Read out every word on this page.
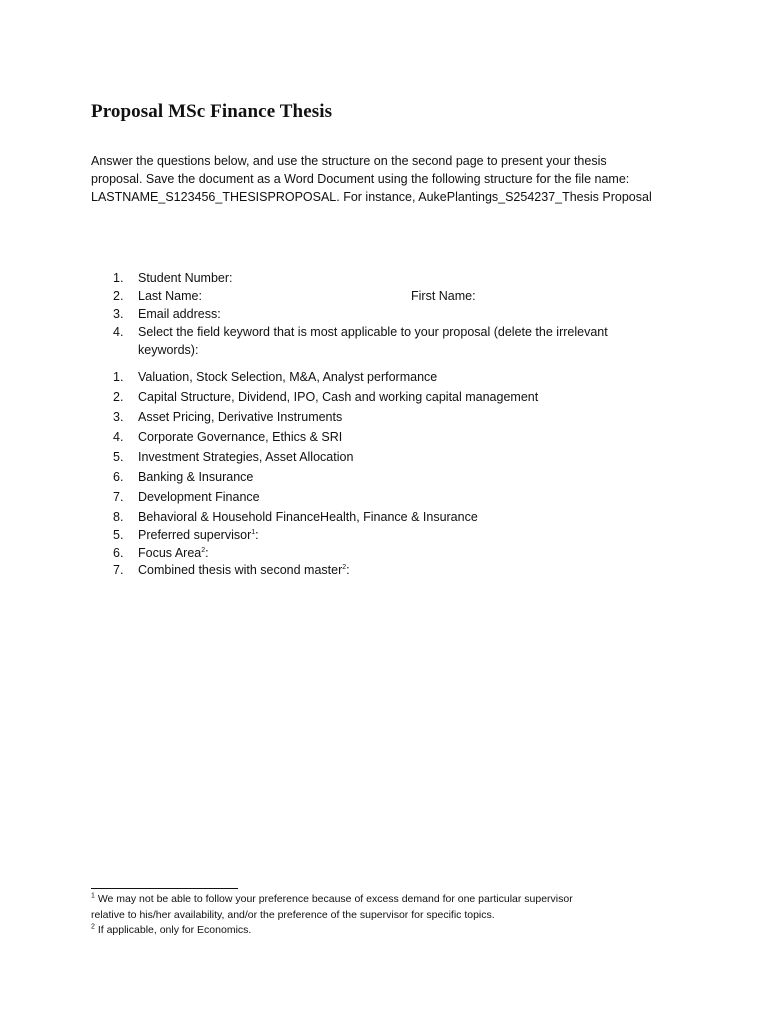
Proposal MSc Finance Thesis

Answer the questions below, and use the structure on the second page to present your thesis
proposal. Save the document as a Word Document using the following structure for the file name:
LASTNAME_S123456_THESISPROPOSAL. For instance, AukePlantings_S254237_Thesis Proposal

1. Student Number:
2. Last Name:	First Name:
3. Email address:
4. Select the field keyword that is most applicable to your proposal (delete the irrelevant keywords):
1. Valuation, Stock Selection, M&A, Analyst performance
2. Capital Structure, Dividend, IPO, Cash and working capital management
3. Asset Pricing, Derivative Instruments
4. Corporate Governance, Ethics & SRI
5. Investment Strategies, Asset Allocation
6. Banking & Insurance
7. Development Finance
8. Behavioral & Household FinanceHealth, Finance & Insurance
5. Preferred supervisor$^1$:
6. Focus Area$^2$:
7. Combined thesis with second master$^2$:
$^1$ We may not be able to follow your preference because of excess demand for one particular supervisor
relative to his/her availability, and/or the preference of the supervisor for specific topics.
$^2$ If applicable, only for Economics.
